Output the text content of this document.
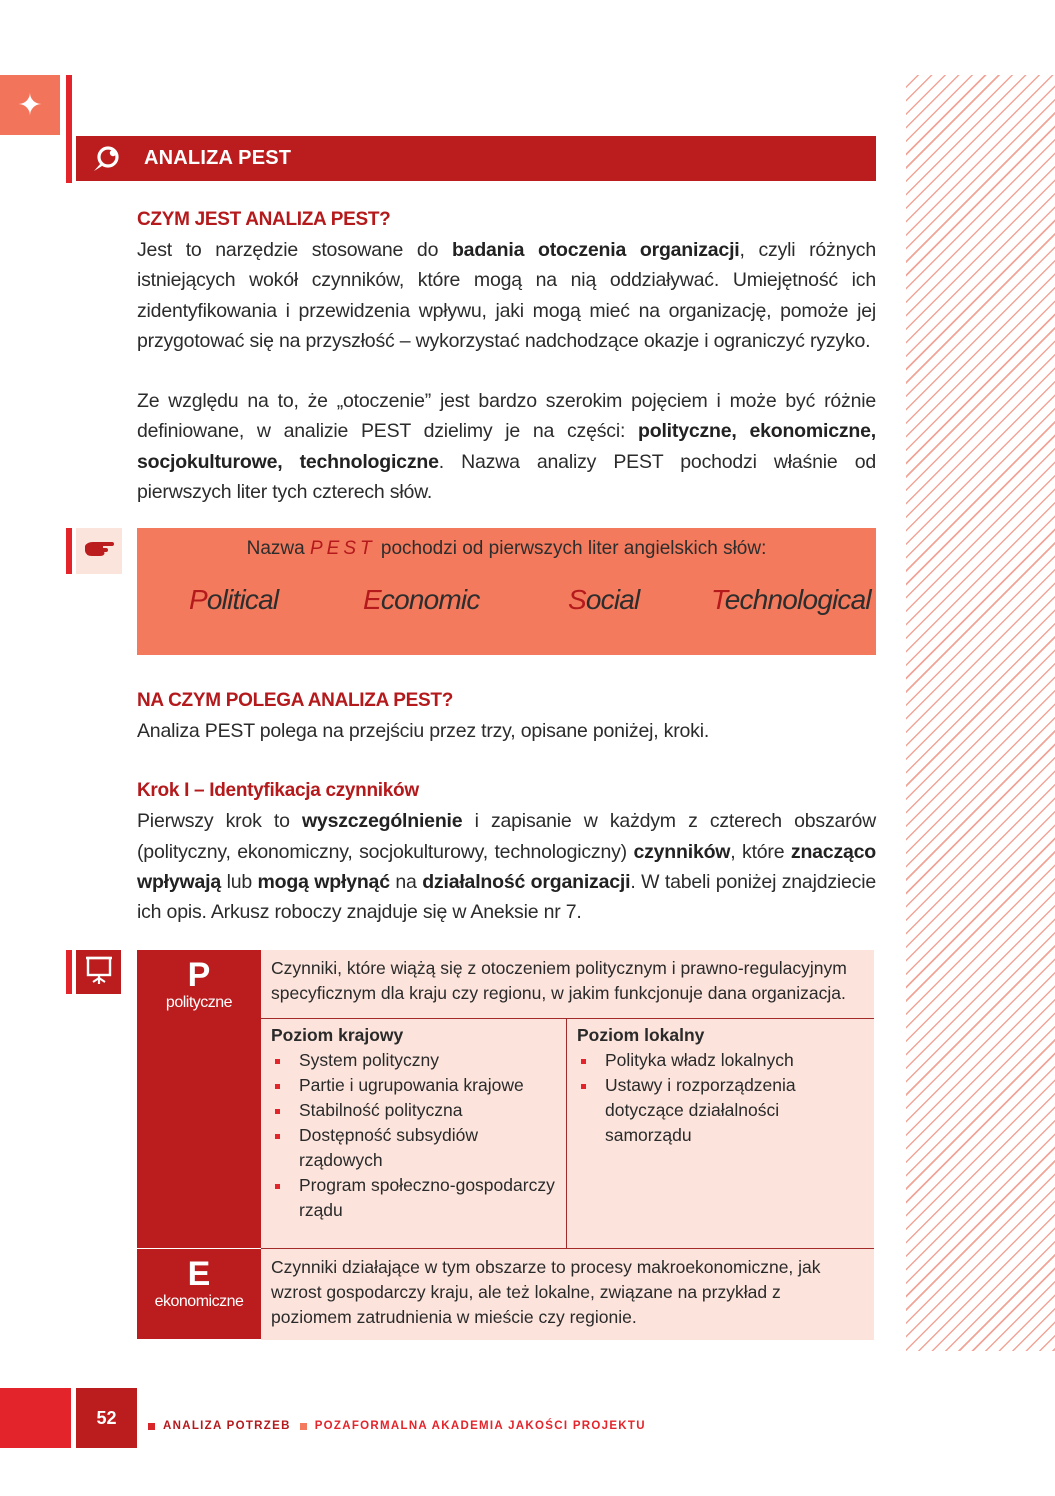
✦
ANALIZA PEST
CZYM JEST ANALIZA PEST?

Jest to narzędzie stosowane do badania otoczenia organizacji, czyli różnych istniejących wokół czynników, które mogą na nią oddziaływać. Umiejętność ich zidentyfikowania i przewidzenia wpływu, jaki mogą mieć na organizację, pomoże jej przygotować się na przyszłość – wykorzystać nadchodzące okazje i ograniczyć ryzyko.

Ze względu na to, że „otoczenie” jest bardzo szerokim pojęciem i może być różnie definiowane, w analizie PEST dzielimy je na części: polityczne, ekonomiczne, socjokulturowe, technologiczne. Nazwa analizy PEST pochodzi właśnie od pierwszych liter tych czterech słów.

Nazwa PEST pochodzi od pierwszych liter angielskich słów:
Political	Economic	Social	Technological
NA CZYM POLEGA ANALIZA PEST?

Analiza PEST polega na przejściu przez trzy, opisane poniżej, kroki.

Krok I – Identyfikacja czynników

Pierwszy krok to wyszczególnienie i zapisanie w każdym z czterech obszarów (polityczny, ekonomiczny, socjokulturowy, technologiczny) czynników, które znacząco wpływają lub mogą wpłynąć na działalność organizacji. W tabeli poniżej znajdziecie ich opis. Arkusz roboczy znajduje się w Aneksie nr 7.

P
polityczne	Czynniki, które wiążą się z otoczeniem politycznym i prawno-regulacyjnym specyficznym dla kraju czy regionu, w jakim funkcjonuje dana organizacja.	

Poziom krajowy
System polityczny
Partie i ugrupowania krajowe
Stabilność polityczna
Dostępność subsydiów rządowych
Program społeczno-gospodarczy rządu

Poziom lokalny
Polityka władz lokalnych
Ustawy i rozporządzenia dotyczące działalności samorządu

E
ekonomiczne	Czynniki działające w tym obszarze to procesy makroekonomiczne, jak wzrost gospodarczy kraju, ale też lokalne, związane na przykład z poziomem zatrudnienia w mieście czy regionie.	
52	ANALIZA POTRZEB POZAFORMALNA AKADEMIA JAKOŚCI PROJEKTU
